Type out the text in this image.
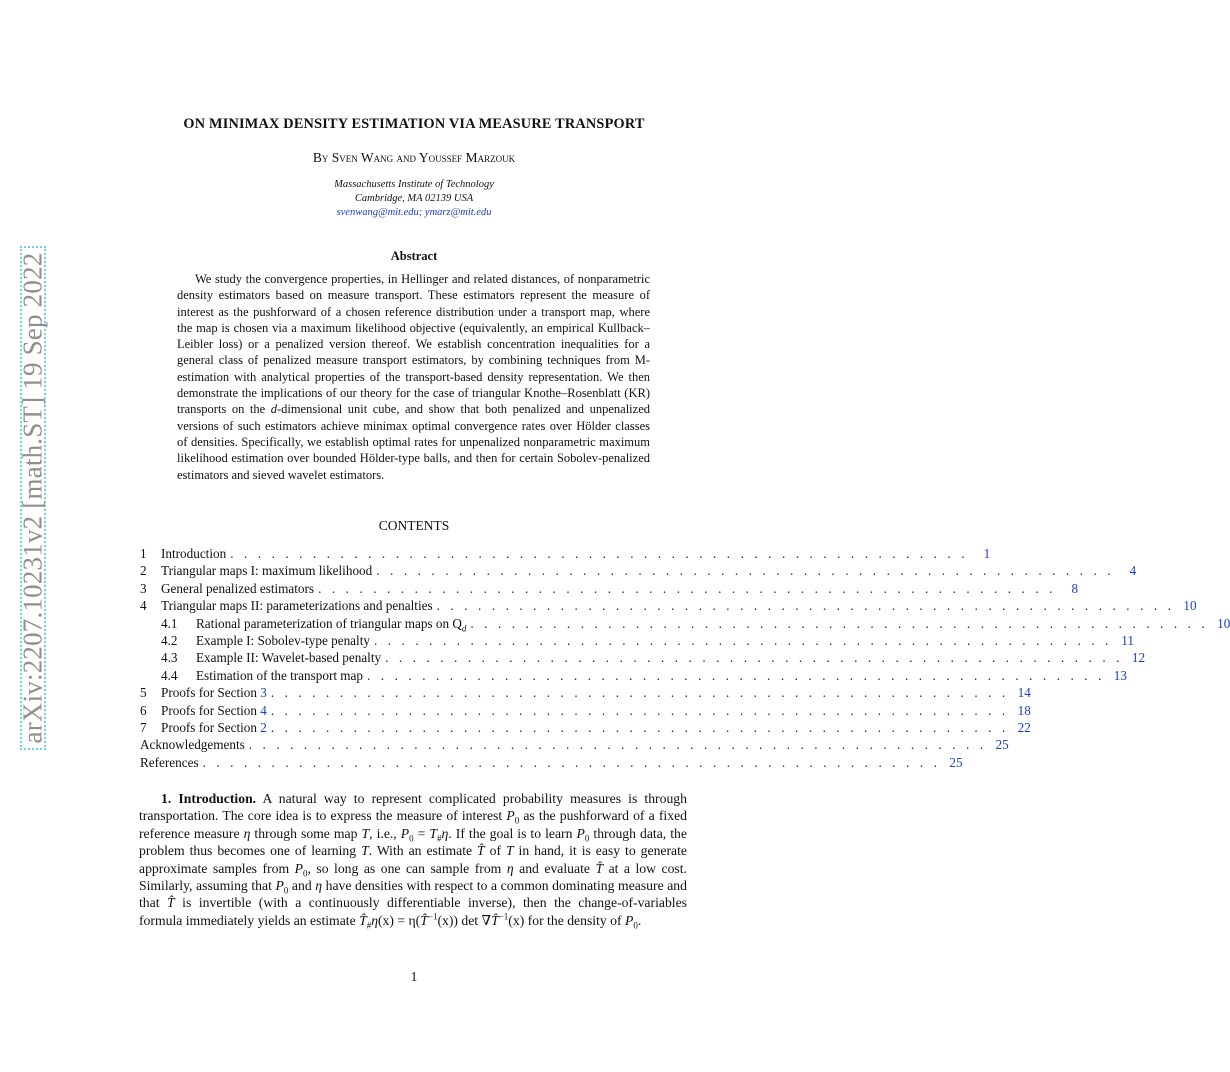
arXiv:2207.10231v2 [math.ST] 19 Sep 2022
ON MINIMAX DENSITY ESTIMATION VIA MEASURE TRANSPORT
By Sven Wang and Youssef Marzouk
Massachusetts Institute of Technology
Cambridge, MA 02139 USA
svenwang@mit.edu; ymarz@mit.edu
Abstract

We study the convergence properties, in Hellinger and related distances, of nonparametric density estimators based on measure transport. These estimators represent the measure of interest as the pushforward of a chosen reference distribution under a transport map, where the map is chosen via a maximum likelihood objective (equivalently, an empirical Kullback–Leibler loss) or a penalized version thereof. We establish concentration inequalities for a general class of penalized measure transport estimators, by combining techniques from M-estimation with analytical properties of the transport-based density representation. We then demonstrate the implications of our theory for the case of triangular Knothe–Rosenblatt (KR) transports on the d-dimensional unit cube, and show that both penalized and unpenalized versions of such estimators achieve minimax optimal convergence rates over Hölder classes of densities. Specifically, we establish optimal rates for unpenalized nonparametric maximum likelihood estimation over bounded Hölder-type balls, and then for certain Sobolev-penalized estimators and sieved wavelet estimators.

CONTENTS
1	Introduction . . . . . . . . . . . . . . . . . . . . . . . . . . . . . . . . . . . . . . . . . . . . . . . . . . . . . .	1
2	Triangular maps I: maximum likelihood . . . . . . . . . . . . . . . . . . . . . . . . . . . . . . . . . . . . . . . . . . . . . . . . . . . . . .	4
3	General penalized estimators . . . . . . . . . . . . . . . . . . . . . . . . . . . . . . . . . . . . . . . . . . . . . . . . . . . . . .	8
4	Triangular maps II: parameterizations and penalties . . . . . . . . . . . . . . . . . . . . . . . . . . . . . . . . . . . . . . . . . . . . . . . . . . . . . . 10
4.1	Rational parameterization of triangular maps on $Q_d$ . . . . . . . . . . . . . . . . . . . . . . . . . . . . . . . . . . . . . . . . . . . . . . . . . . . . . . 10
4.2	Example I: Sobolev-type penalty . . . . . . . . . . . . . . . . . . . . . . . . . . . . . . . . . . . . . . . . . . . . . . . . . . . . . . 11
4.3	Example II: Wavelet-based penalty . . . . . . . . . . . . . . . . . . . . . . . . . . . . . . . . . . . . . . . . . . . . . . . . . . . . . . 12
4.4	Estimation of the transport map . . . . . . . . . . . . . . . . . . . . . . . . . . . . . . . . . . . . . . . . . . . . . . . . . . . . . . 13
5	Proofs for Section 3 . . . . . . . . . . . . . . . . . . . . . . . . . . . . . . . . . . . . . . . . . . . . . . . . . . . . . . 14
6	Proofs for Section 4 . . . . . . . . . . . . . . . . . . . . . . . . . . . . . . . . . . . . . . . . . . . . . . . . . . . . . . 18
7	Proofs for Section 2 . . . . . . . . . . . . . . . . . . . . . . . . . . . . . . . . . . . . . . . . . . . . . . . . . . . . . . 22
Acknowledgements . . . . . . . . . . . . . . . . . . . . . . . . . . . . . . . . . . . . . . . . . . . . . . . . . . . . . . 25
References . . . . . . . . . . . . . . . . . . . . . . . . . . . . . . . . . . . . . . . . . . . . . . . . . . . . . . 25

1. Introduction. A natural way to represent complicated probability measures is through transportation. The core idea is to express the measure of interest $P_0$ as the pushforward of a fixed reference measure η through some map T, i.e., $P_0 = T_{\#}\eta$. If the goal is to learn $P_0$ through data, the problem thus becomes one of learning T. With an estimate T̂ of T in hand, it is easy to generate approximate samples from $P_0$, so long as one can sample from η and evaluate T̂ at a low cost. Similarly, assuming that $P_0$ and η have densities with respect to a common dominating measure and that T̂ is invertible (with a continuously differentiable inverse), then the change-of-variables formula immediately yields an estimate $T̂_{\#}\eta(x)$ = η(T̂$^{-1}$(x)) det ∇T̂$^{-1}$(x) for the density of $P_0$.

1
